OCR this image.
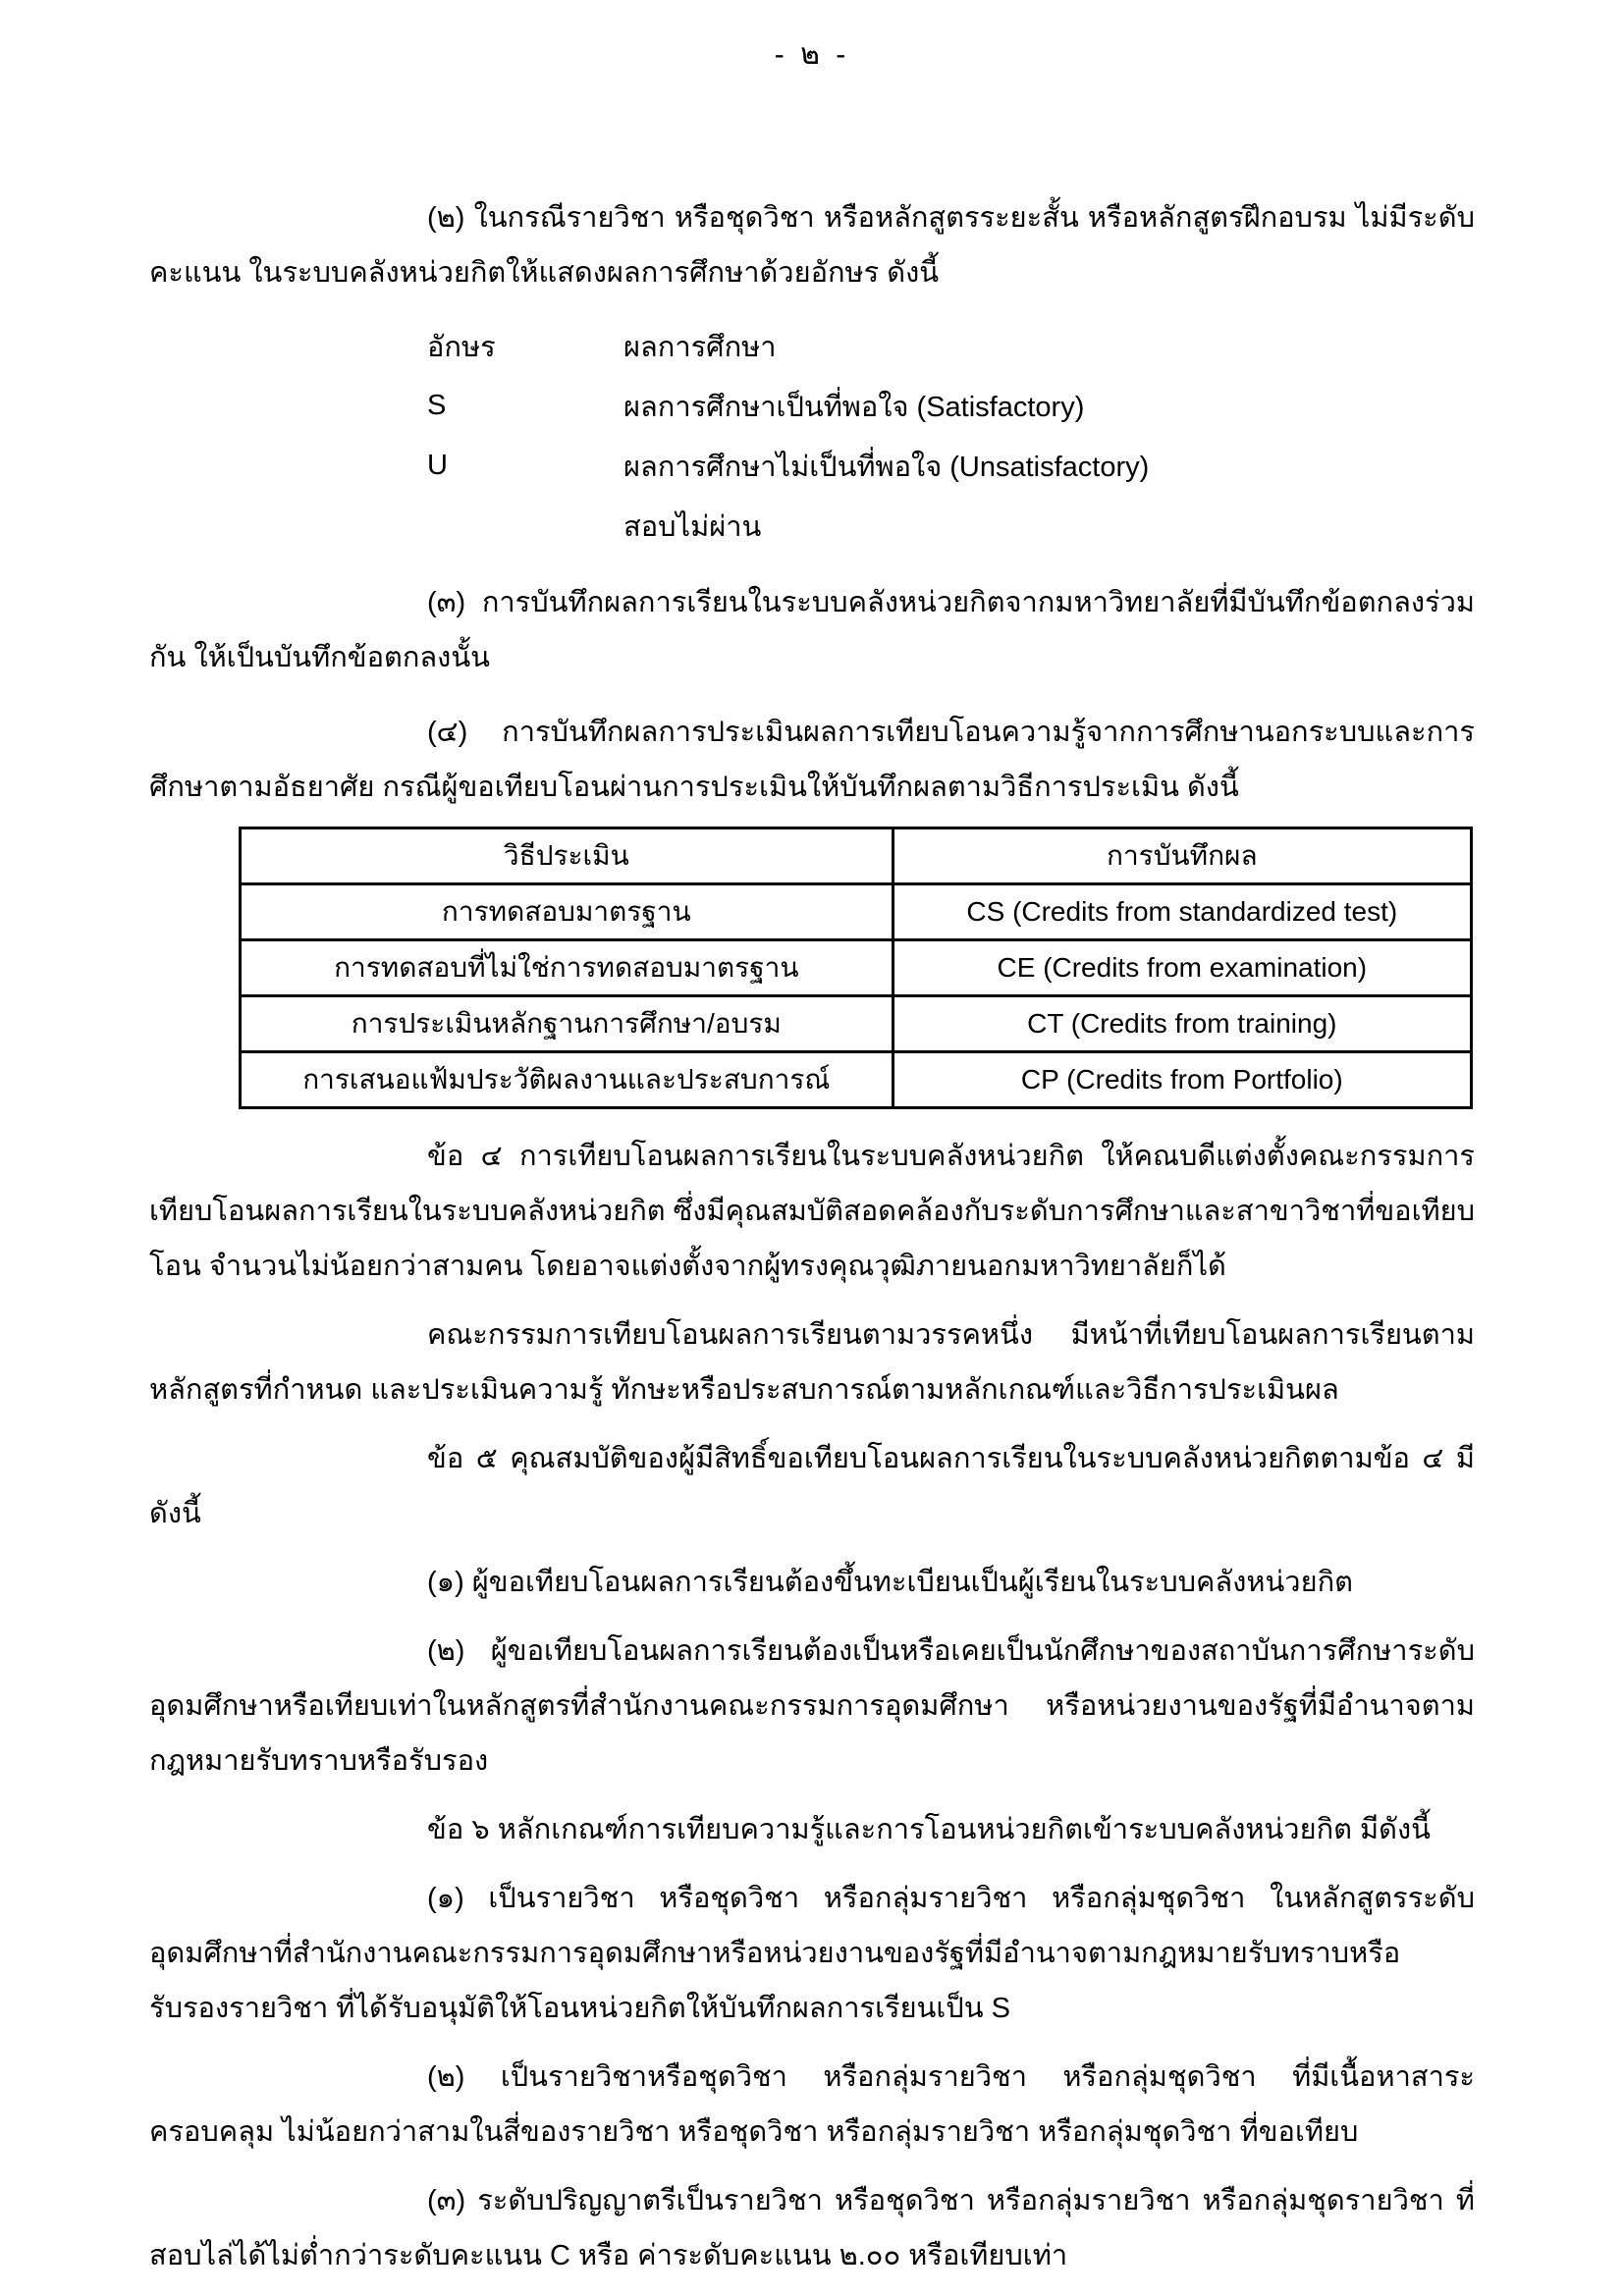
- ๒ -

(๒) ในกรณีรายวิชา หรือชุดวิชา หรือหลักสูตรระยะสั้น หรือหลักสูตรฝึกอบรม ไม่มีระดับคะแนน ในระบบคลังหน่วยกิตให้แสดงผลการศึกษาด้วยอักษร ดังนี้

อักษร	ผลการศึกษา
S	ผลการศึกษาเป็นที่พอใจ (Satisfactory)
U	ผลการศึกษาไม่เป็นที่พอใจ (Unsatisfactory)
สอบไม่ผ่าน

(๓) การบันทึกผลการเรียนในระบบคลังหน่วยกิตจากมหาวิทยาลัยที่มีบันทึกข้อตกลงร่วมกัน ให้เป็นบันทึกข้อตกลงนั้น

(๔) การบันทึกผลการประเมินผลการเทียบโอนความรู้จากการศึกษานอกระบบและการศึกษาตามอัธยาศัย กรณีผู้ขอเทียบโอนผ่านการประเมินให้บันทึกผลตามวิธีการประเมิน ดังนี้

วิธีประเมิน	การบันทึกผล
การทดสอบมาตรฐาน	CS (Credits from standardized test)
การทดสอบที่ไม่ใช่การทดสอบมาตรฐาน	CE (Credits from examination)
การประเมินหลักฐานการศึกษา/อบรม	CT (Credits from training)
การเสนอแฟ้มประวัติผลงานและประสบการณ์	CP (Credits from Portfolio)

ข้อ ๔ การเทียบโอนผลการเรียนในระบบคลังหน่วยกิต ให้คณบดีแต่งตั้งคณะกรรมการเทียบโอนผลการเรียนในระบบคลังหน่วยกิต ซึ่งมีคุณสมบัติสอดคล้องกับระดับการศึกษาและสาขาวิชาที่ขอเทียบโอน จำนวนไม่น้อยกว่าสามคน โดยอาจแต่งตั้งจากผู้ทรงคุณวุฒิภายนอกมหาวิทยาลัยก็ได้

คณะกรรมการเทียบโอนผลการเรียนตามวรรคหนึ่ง มีหน้าที่เทียบโอนผลการเรียนตามหลักสูตรที่กำหนด และประเมินความรู้ ทักษะหรือประสบการณ์ตามหลักเกณฑ์และวิธีการประเมินผล

ข้อ ๕ คุณสมบัติของผู้มีสิทธิ์ขอเทียบโอนผลการเรียนในระบบคลังหน่วยกิตตามข้อ ๔ มีดังนี้

(๑) ผู้ขอเทียบโอนผลการเรียนต้องขึ้นทะเบียนเป็นผู้เรียนในระบบคลังหน่วยกิต

(๒) ผู้ขอเทียบโอนผลการเรียนต้องเป็นหรือเคยเป็นนักศึกษาของสถาบันการศึกษาระดับอุดมศึกษาหรือเทียบเท่าในหลักสูตรที่สำนักงานคณะกรรมการอุดมศึกษา หรือหน่วยงานของรัฐที่มีอำนาจตามกฎหมายรับทราบหรือรับรอง

ข้อ ๖ หลักเกณฑ์การเทียบความรู้และการโอนหน่วยกิตเข้าระบบคลังหน่วยกิต มีดังนี้

(๑) เป็นรายวิชา หรือชุดวิชา หรือกลุ่มรายวิชา หรือกลุ่มชุดวิชา ในหลักสูตรระดับอุดมศึกษาที่สำนักงานคณะกรรมการอุดมศึกษาหรือหน่วยงานของรัฐที่มีอำนาจตามกฎหมายรับทราบหรือรับรองรายวิชา ที่ได้รับอนุมัติให้โอนหน่วยกิตให้บันทึกผลการเรียนเป็น S

(๒) เป็นรายวิชาหรือชุดวิชา หรือกลุ่มรายวิชา หรือกลุ่มชุดวิชา ที่มีเนื้อหาสาระครอบคลุม ไม่น้อยกว่าสามในสี่ของรายวิชา หรือชุดวิชา หรือกลุ่มรายวิชา หรือกลุ่มชุดวิชา ที่ขอเทียบ

(๓) ระดับปริญญาตรีเป็นรายวิชา หรือชุดวิชา หรือกลุ่มรายวิชา หรือกลุ่มชุดรายวิชา ที่สอบไล่ได้ไม่ต่ำกว่าระดับคะแนน C หรือ ค่าระดับคะแนน ๒.๐๐ หรือเทียบเท่า
